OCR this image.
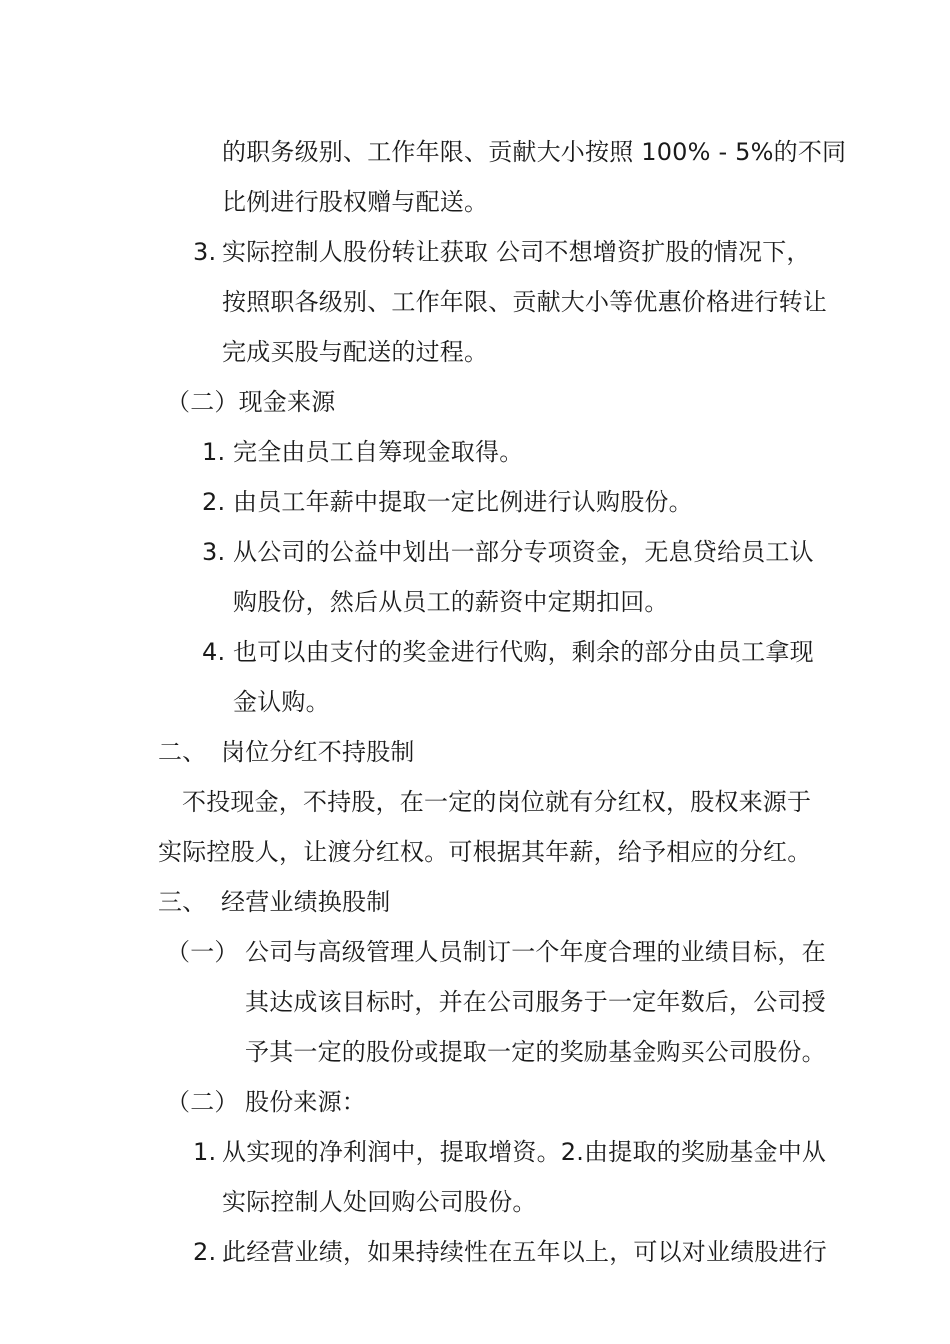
的职务级别、工作年限、贡献大小按照 100% - 5%的不同
比例进行股权赠与配送。
3. 实际控制人股份转让获取 公司不想增资扩股的情况下，
按照职各级别、工作年限、贡献大小等优惠价格进行转让
完成买股与配送的过程。
（二）现金来源
1. 完全由员工自筹现金取得。
2. 由员工年薪中提取一定比例进行认购股份。
3. 从公司的公益中划出一部分专项资金，无息贷给员工认
购股份，然后从员工的薪资中定期扣回。
4. 也可以由支付的奖金进行代购，剩余的部分由员工拿现
金认购。
二、 岗位分红不持股制
不投现金，不持股，在一定的岗位就有分红权，股权来源于
实际控股人，让渡分红权。可根据其年薪，给予相应的分红。
三、 经营业绩换股制
（一） 公司与高级管理人员制订一个年度合理的业绩目标，在
其达成该目标时，并在公司服务于一定年数后，公司授
予其一定的股份或提取一定的奖励基金购买公司股份。
（二） 股份来源：
1. 从实现的净利润中，提取增资。2.由提取的奖励基金中从
实际控制人处回购公司股份。
2. 此经营业绩，如果持续性在五年以上，可以对业绩股进行
